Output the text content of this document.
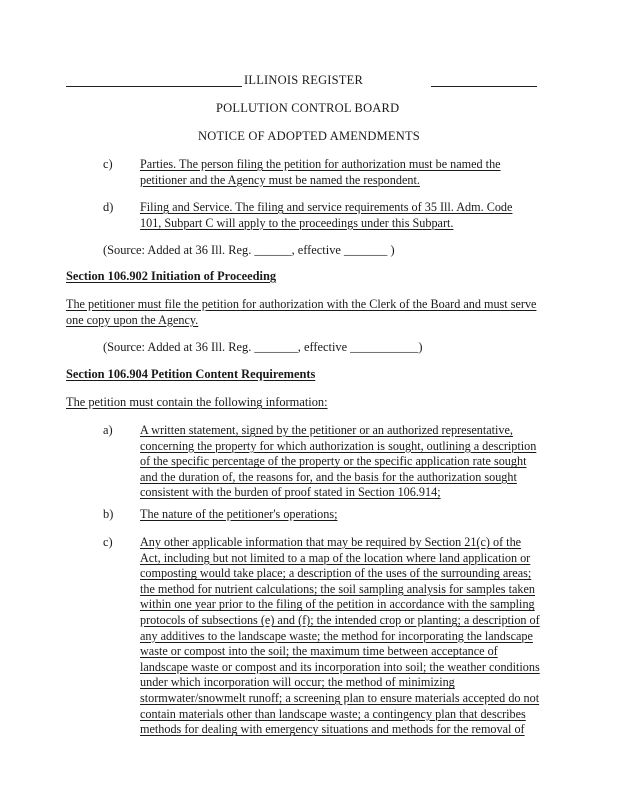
ILLINOIS REGISTER
POLLUTION CONTROL BOARD
NOTICE OF ADOPTED AMENDMENTS
c) Parties. The person filing the petition for authorization must be named the
petitioner and the Agency must be named the respondent.
d) Filing and Service. The filing and service requirements of 35 Ill. Adm. Code
101, Subpart C will apply to the proceedings under this Subpart.
(Source: Added at 36 Ill. Reg. ______, effective _______ )
Section 106.902 Initiation of Proceeding
The petitioner must file the petition for authorization with the Clerk of the Board and must serve
one copy upon the Agency.
(Source: Added at 36 Ill. Reg. _______, effective ___________)
Section 106.904 Petition Content Requirements
The petition must contain the following information:
a) A written statement, signed by the petitioner or an authorized representative,
concerning the property for which authorization is sought, outlining a description
of the specific percentage of the property or the specific application rate sought
and the duration of, the reasons for, and the basis for the authorization sought
consistent with the burden of proof stated in Section 106.914;
b) The nature of the petitioner's operations;
c) Any other applicable information that may be required by Section 21(c) of the
Act, including but not limited to a map of the location where land application or
composting would take place; a description of the uses of the surrounding areas;
the method for nutrient calculations; the soil sampling analysis for samples taken
within one year prior to the filing of the petition in accordance with the sampling
protocols of subsections (e) and (f); the intended crop or planting; a description of
any additives to the landscape waste; the method for incorporating the landscape
waste or compost into the soil; the maximum time between acceptance of
landscape waste or compost and its incorporation into soil; the weather conditions
under which incorporation will occur; the method of minimizing
stormwater/snowmelt runoff; a screening plan to ensure materials accepted do not
contain materials other than landscape waste; a contingency plan that describes
methods for dealing with emergency situations and methods for the removal of
